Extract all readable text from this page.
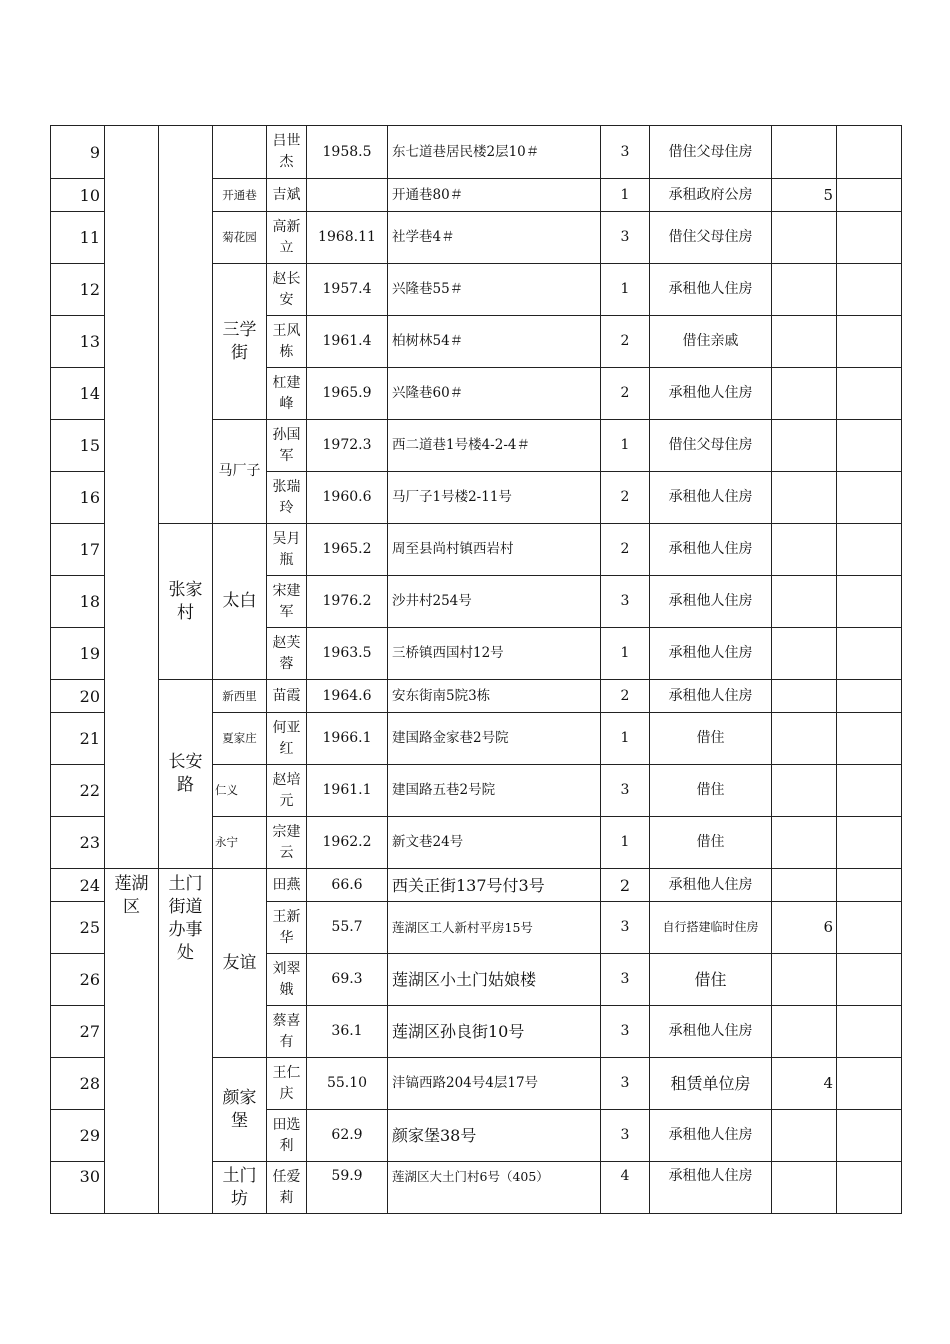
9				吕世杰	1958.5	东七道巷居民楼2层10＃	3	借住父母住房		
10			开通巷	吉斌		开通巷80＃	1	承租政府公房	5	
11			菊花园	高新立	1968.11	社学巷4＃	3	借住父母住房		
12			三学街	赵长安	1957.4	兴隆巷55＃	1	承租他人住房		
13				王风栋	1961.4	柏树林54＃	2	借住亲戚		
14				杠建峰	1965.9	兴隆巷60＃	2	承租他人住房		
15			马厂子	孙国军	1972.3	西二道巷1号楼4-2-4＃	1	借住父母住房		
16				张瑞玲	1960.6	马厂子1号楼2-11号	2	承租他人住房		
17		张家村	太白	吴月瓶	1965.2	周至县尚村镇西岩村	2	承租他人住房		
18				宋建军	1976.2	沙井村254号	3	承租他人住房		
19				赵芙蓉	1963.5	三桥镇西国村12号	1	承租他人住房		
20		长安路	新西里	苗霞	1964.6	安东街南5院3栋	2	承租他人住房		
21			夏家庄	何亚红	1966.1	建国路金家巷2号院	1	借住		
22			仁义	赵培元	1961.1	建国路五巷2号院	3	借住		
23			永宁	宗建云	1962.2	新文巷24号	1	借住		
24	莲湖区	土门街道办事处	友谊	田燕	66.6	西关正街137号付3号	2	承租他人住房		
25				王新华	55.7	莲湖区工人新村平房15号	3	自行搭建临时住房	6	
26				刘翠娥	69.3	莲湖区小土门姑娘楼	3	借住		
27				蔡喜有	36.1	莲湖区孙良街10号	3	承租他人住房		
28			颜家堡	王仁庆	55.10	沣镐西路204号4层17号	3	租赁单位房	4	
29				田选利	62.9	颜家堡38号	3	承租他人住房		
30			土门坊	任爱莉	59.9	莲湖区大土门村6号（405）	4	承租他人住房		
